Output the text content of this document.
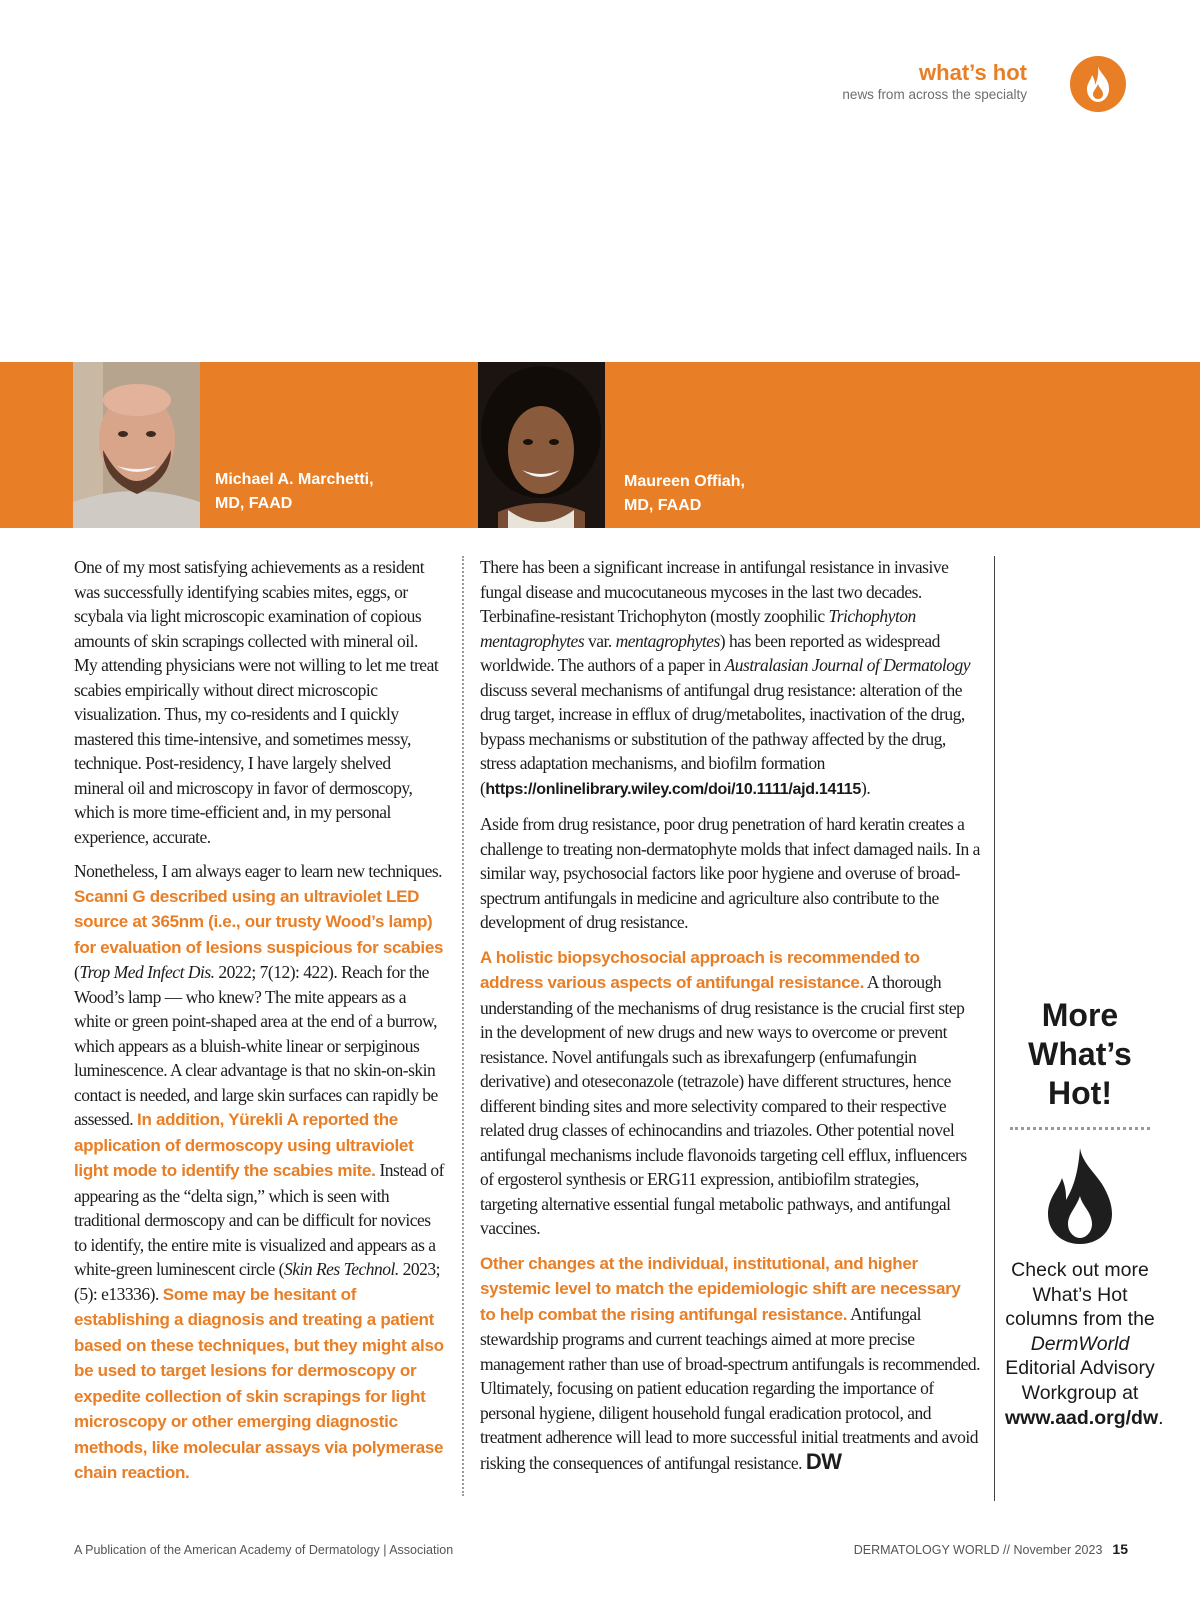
what’s hot
news from across the specialty
Michael A. Marchetti,
MD, FAAD
Maureen Offiah,
MD, FAAD

One of my most satisfying achievements as a resident was successfully identifying scabies mites, eggs, or scybala via light microscopic examination of copious amounts of skin scrapings collected with mineral oil. My attending physicians were not willing to let me treat scabies empirically without direct microscopic visualization. Thus, my co-residents and I quickly mastered this time-intensive, and sometimes messy, technique. Post-residency, I have largely shelved mineral oil and microscopy in favor of dermoscopy, which is more time-efficient and, in my personal experience, accurate.

Nonetheless, I am always eager to learn new techniques. Scanni G described using an ultraviolet LED source at 365nm (i.e., our trusty Wood’s lamp) for evaluation of lesions suspicious for scabies (Trop Med Infect Dis. 2022; 7(12): 422). Reach for the Wood’s lamp — who knew? The mite appears as a white or green point-shaped area at the end of a burrow, which appears as a bluish-white linear or serpiginous luminescence. A clear advantage is that no skin-on-skin contact is needed, and large skin surfaces can rapidly be assessed. In addition, Yürekli A reported the application of dermoscopy using ultraviolet light mode to identify the scabies mite. Instead of appearing as the “delta sign,” which is seen with traditional dermoscopy and can be difficult for novices to identify, the entire mite is visualized and appears as a white-green luminescent circle (Skin Res Technol. 2023; (5): e13336). Some may be hesitant of establishing a diagnosis and treating a patient based on these techniques, but they might also be used to target lesions for dermoscopy or expedite collection of skin scrapings for light microscopy or other emerging diagnostic methods, like molecular assays via polymerase chain reaction.

There has been a significant increase in antifungal resistance in invasive fungal disease and mucocutaneous mycoses in the last two decades. Terbinafine-resistant Trichophyton (mostly zoophilic Trichophyton mentagrophytes var. mentagrophytes) has been reported as widespread worldwide. The authors of a paper in Australasian Journal of Dermatology discuss several mechanisms of antifungal drug resistance: alteration of the drug target, increase in efflux of drug/metabolites, inactivation of the drug, bypass mechanisms or substitution of the pathway affected by the drug, stress adaptation mechanisms, and biofilm formation (https://onlinelibrary.wiley.com/doi/10.1111/ajd.14115).

Aside from drug resistance, poor drug penetration of hard keratin creates a challenge to treating non-dermatophyte molds that infect damaged nails. In a similar way, psychosocial factors like poor hygiene and overuse of broad-spectrum antifungals in medicine and agriculture also contribute to the development of drug resistance.

A holistic biopsychosocial approach is recommended to address various aspects of antifungal resistance. A thorough understanding of the mechanisms of drug resistance is the crucial first step in the development of new drugs and new ways to overcome or prevent resistance. Novel antifungals such as ibrexafungerp (enfumafungin derivative) and oteseconazole (tetrazole) have different structures, hence different binding sites and more selectivity compared to their respective related drug classes of echinocandins and triazoles. Other potential novel antifungal mechanisms include flavonoids targeting cell efflux, influencers of ergosterol synthesis or ERG11 expression, antibiofilm strategies, targeting alternative essential fungal metabolic pathways, and antifungal vaccines.

Other changes at the individual, institutional, and higher systemic level to match the epidemiologic shift are necessary to help combat the rising antifungal resistance. Antifungal stewardship programs and current teachings aimed at more precise management rather than use of broad-spectrum antifungals is recommended. Ultimately, focusing on patient education regarding the importance of personal hygiene, diligent household fungal eradication protocol, and treatment adherence will lead to more successful initial treatments and avoid risking the consequences of antifungal resistance. DW

More
What’s
Hot!
Check out more What’s Hot columns from the DermWorld Editorial Advisory Workgroup at www.aad.org/dw.
A Publication of the American Academy of Dermatology | Association	DERMATOLOGY WORLD // November 2023 15
